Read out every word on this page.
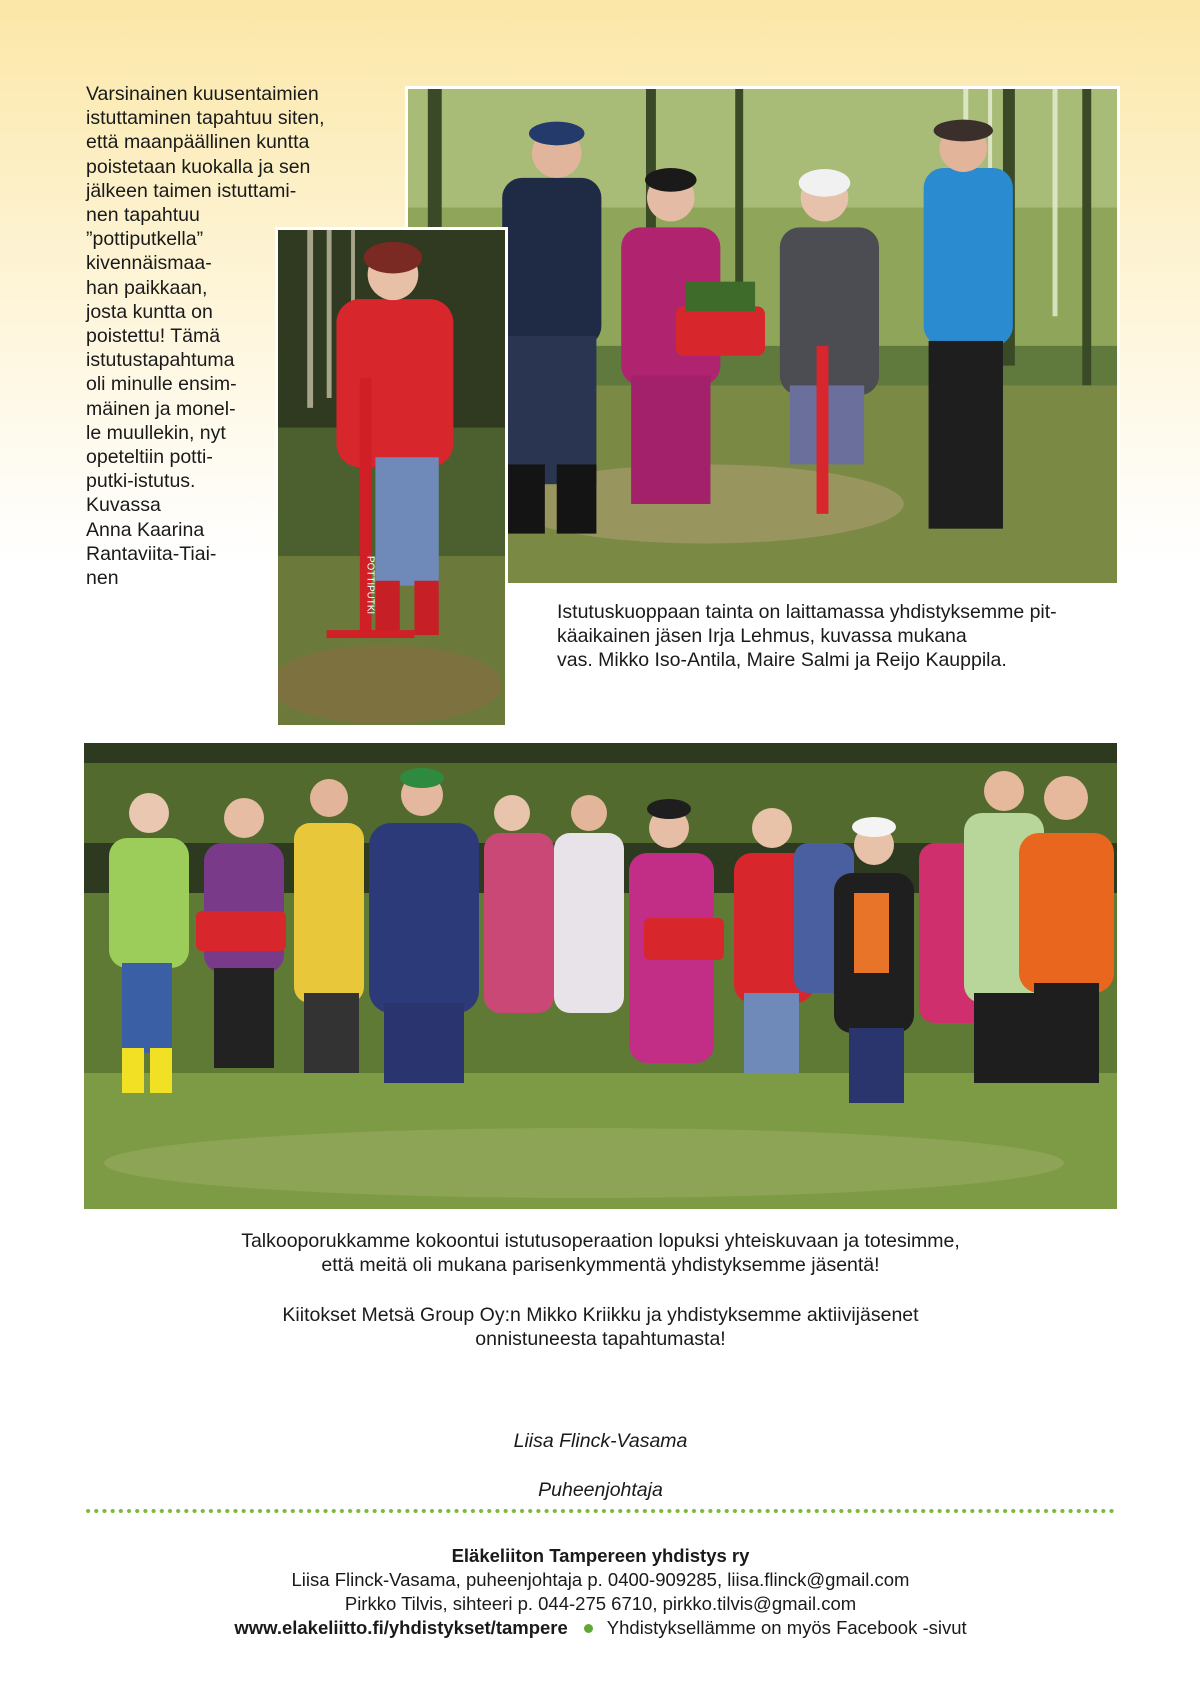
Varsinainen kuusentaimien
istuttaminen tapahtuu siten,
että maanpäällinen kuntta
poistetaan kuokalla ja sen
jälkeen taimen istuttami-
nen tapahtuu
”pottiputkella”
kivennäismaa-
han paikkaan,
josta kuntta on
poistettu! Tämä
istutustapahtuma
oli minulle ensim-
mäinen ja monel-
le muullekin, nyt
opeteltiin potti-
putki-istutus.
Kuvassa
Anna Kaarina
Rantaviita-Tiai-
nen	POTTIPUTKI	Istutuskuoppaan tainta on laittamassa yhdistyksemme pit-
käaikainen jäsen Irja Lehmus, kuvassa mukana
vas. Mikko Iso-Antila, Maire Salmi ja Reijo Kauppila.

Talkooporukkamme kokoontui istutusoperaation lopuksi yhteiskuvaan ja totesimme,
että meitä oli mukana parisenkymmentä yhdistyksemme jäsentä!

Kiitokset Metsä Group Oy:n Mikko Kriikku ja yhdistyksemme aktiivijäsenet
onnistuneesta tapahtumasta!

Liisa Flinck-Vasama

Puheenjohtaja

Eläkeliiton Tampereen yhdistys ry

Liisa Flinck-Vasama, puheenjohtaja p. 0400-909285, liisa.flinck@gmail.com

Pirkko Tilvis, sihteeri p. 044-275 6710, pirkko.tilvis@gmail.com

www.elakeliitto.fi/yhdistykset/tampere Yhdistyksellämme on myös Facebook -sivut
